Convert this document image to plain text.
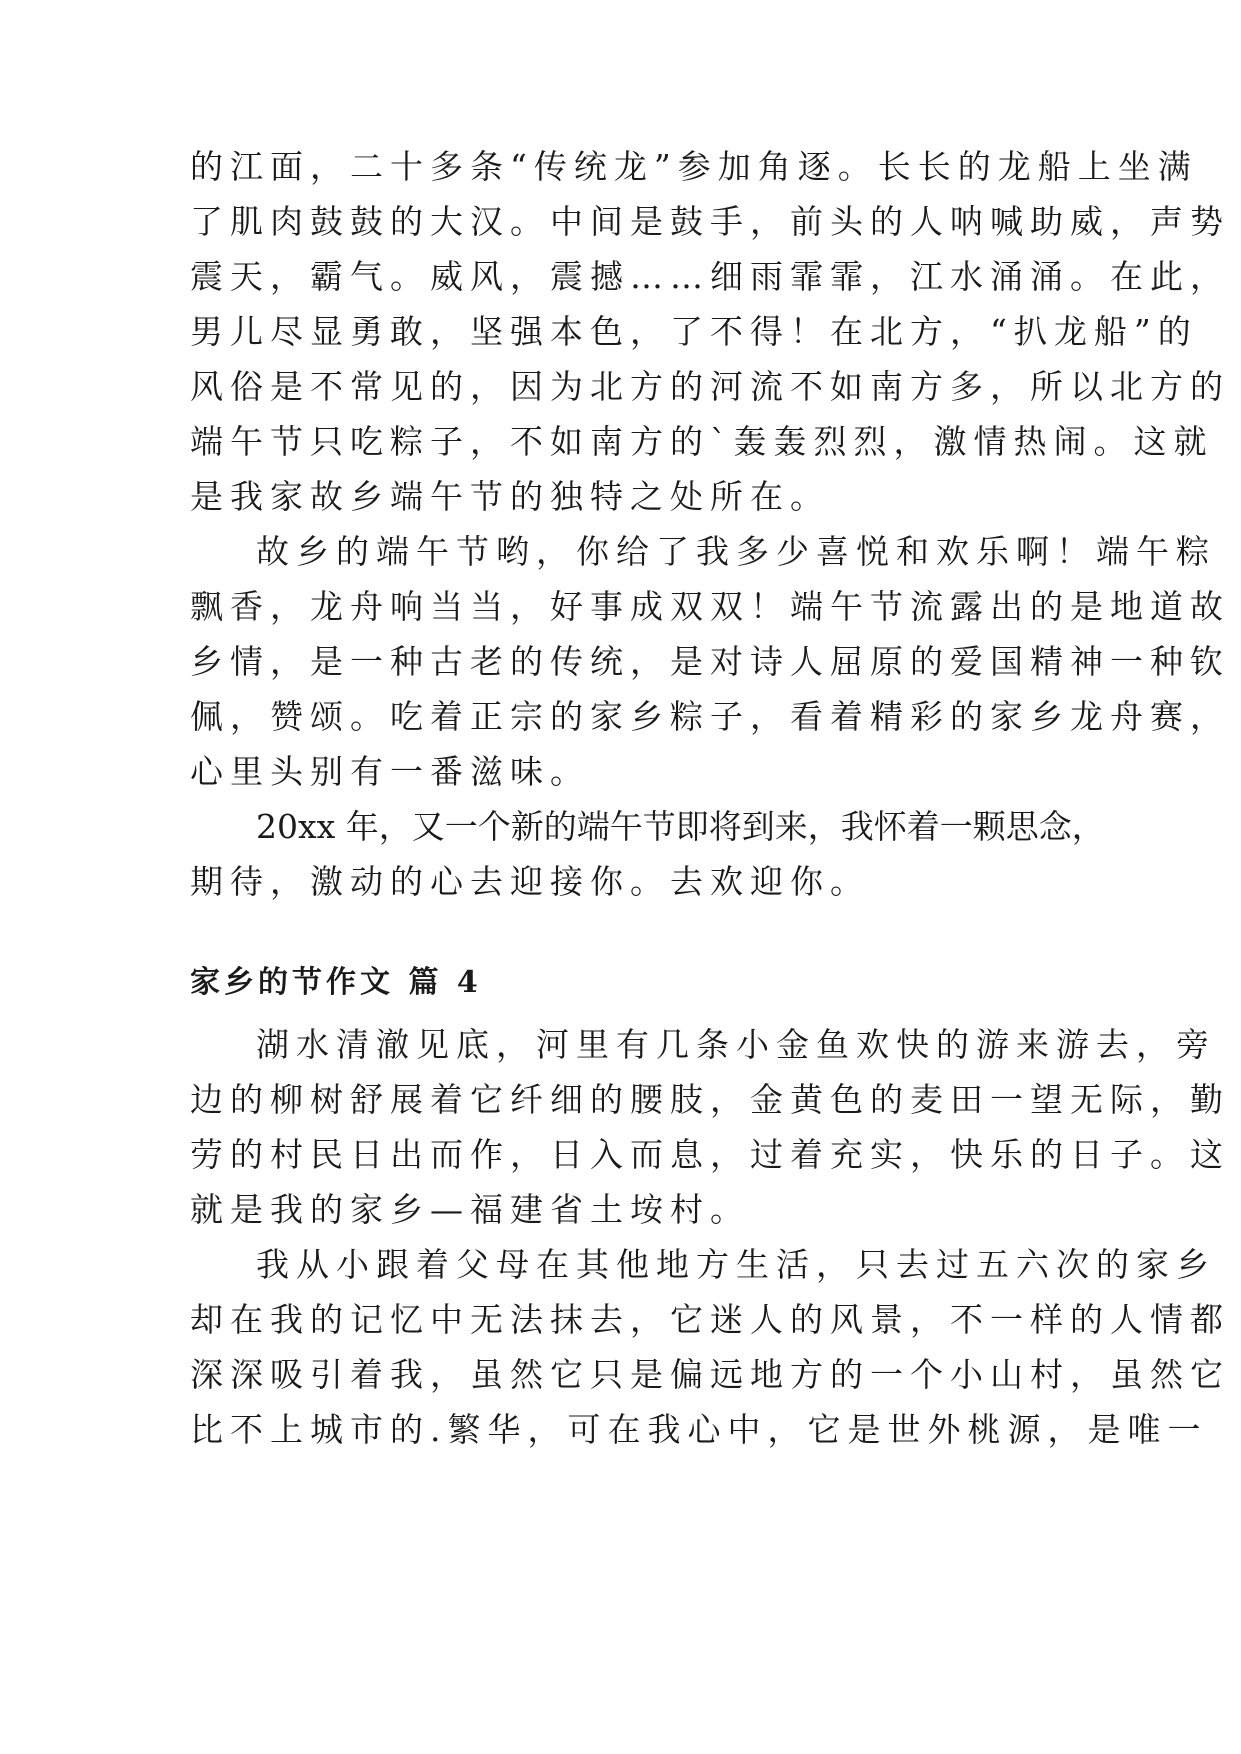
的江面，二十多条“传统龙”参加角逐。长长的龙船上坐满

了肌肉鼓鼓的大汉。中间是鼓手，前头的人呐喊助威，声势

震天，霸气。威风，震撼……细雨霏霏，江水涌涌。在此，

男儿尽显勇敢，坚强本色，了不得！在北方，“扒龙船”的

风俗是不常见的，因为北方的河流不如南方多，所以北方的

端午节只吃粽子，不如南方的`轰轰烈烈，激情热闹。这就

是我家故乡端午节的独特之处所在。

故乡的端午节哟，你给了我多少喜悦和欢乐啊！端午粽

飘香，龙舟响当当，好事成双双！端午节流露出的是地道故

乡情，是一种古老的传统，是对诗人屈原的爱国精神一种钦

佩，赞颂。吃着正宗的家乡粽子，看着精彩的家乡龙舟赛，

心里头别有一番滋味。

20xx 年，又一个新的端午节即将到来，我怀着一颗思念，

期待，激动的心去迎接你。去欢迎你。

家乡的节作文 篇 4

湖水清澈见底，河里有几条小金鱼欢快的游来游去，旁

边的柳树舒展着它纤细的腰肢，金黄色的麦田一望无际，勤

劳的村民日出而作，日入而息，过着充实，快乐的日子。这

就是我的家乡—福建省土垵村。

我从小跟着父母在其他地方生活，只去过五六次的家乡

却在我的记忆中无法抹去，它迷人的风景，不一样的人情都

深深吸引着我，虽然它只是偏远地方的一个小山村，虽然它

比不上城市的.繁华，可在我心中，它是世外桃源，是唯一
